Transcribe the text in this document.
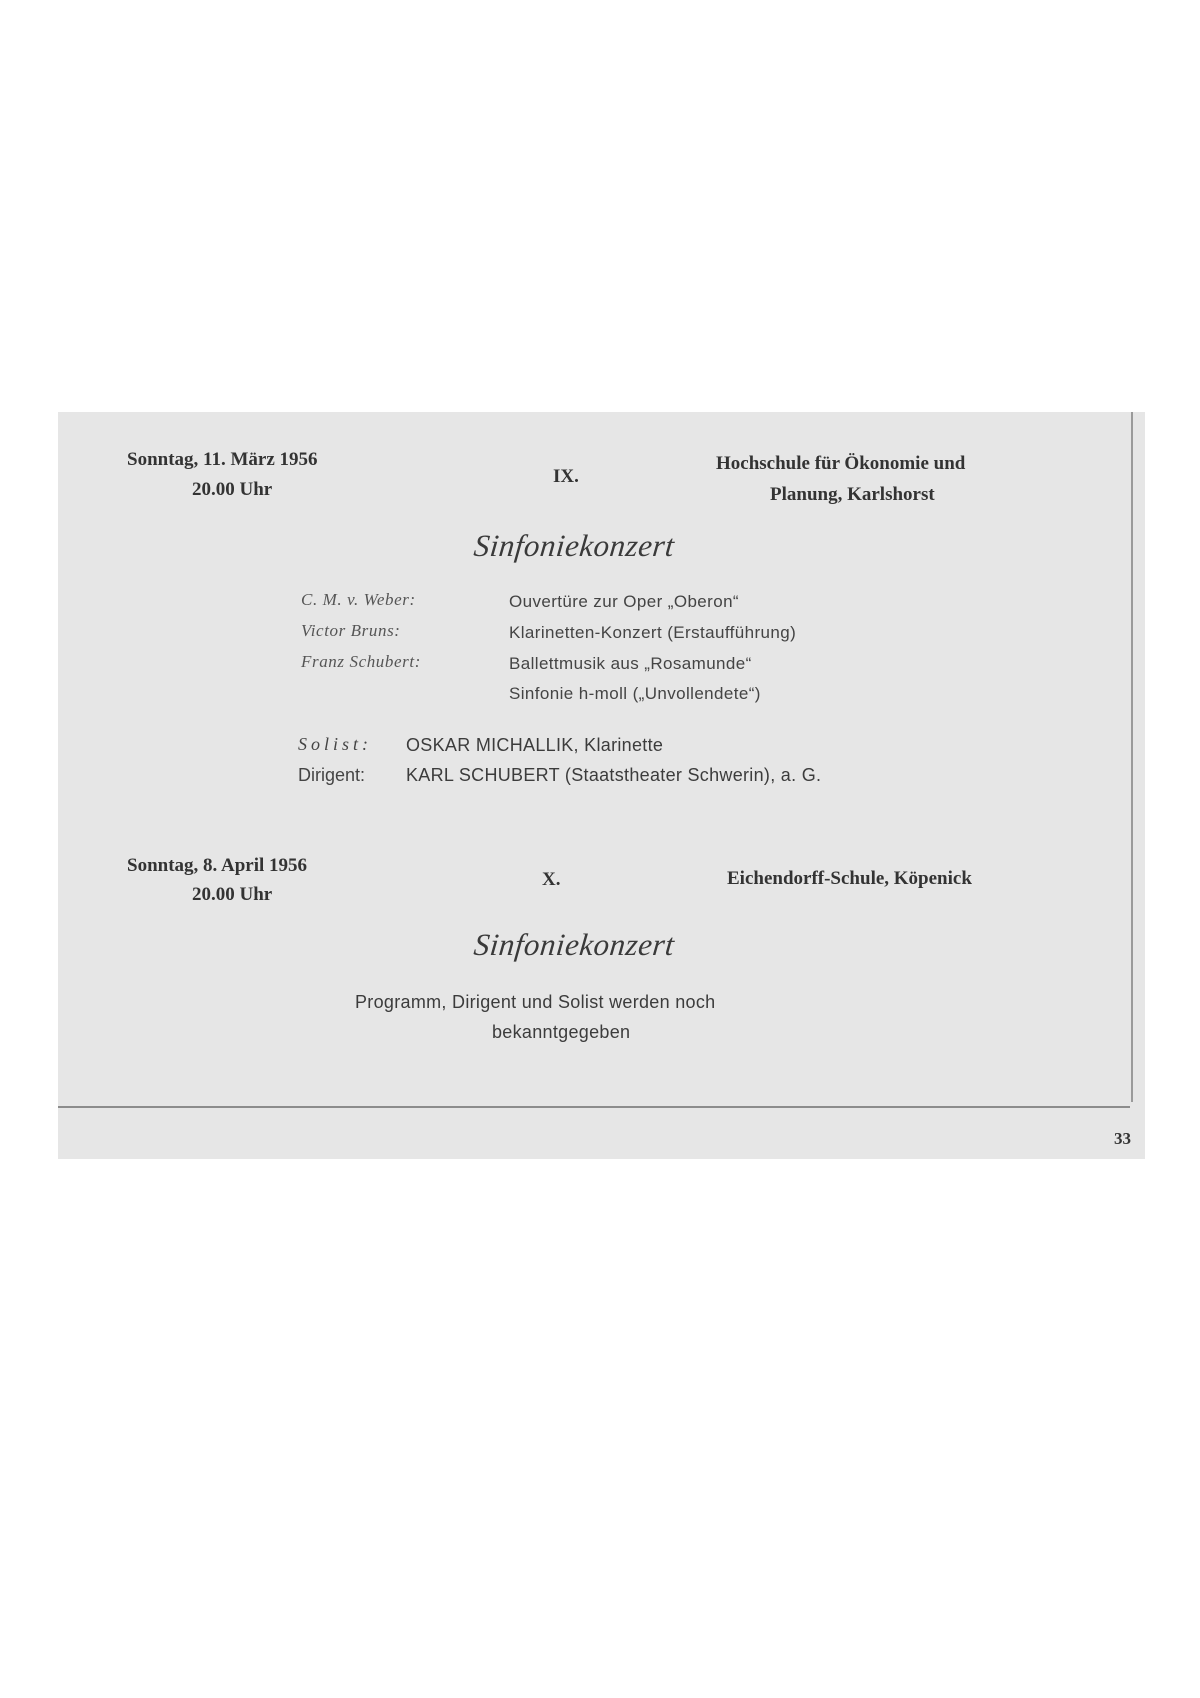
Sonntag, 11. März 1956
20.00 Uhr
IX.
Hochschule für Ökonomie und
Planung, Karlshorst
Sinfoniekonzert
C. M. v. Weber:	Ouvertüre zur Oper „Oberon“
Victor Bruns:	Klarinetten-Konzert (Erstaufführung)
Franz Schubert:	Ballettmusik aus „Rosamunde“
Sinfonie h-moll („Unvollendete“)
Solist: OSKAR MICHALLIK, Klarinette
Dirigent: KARL SCHUBERT (Staatstheater Schwerin), a. G.
Sonntag, 8. April 1956
20.00 Uhr
X.	Eichendorff-Schule, Köpenick
Sinfoniekonzert
Programm, Dirigent und Solist werden noch
bekanntgegeben
33
